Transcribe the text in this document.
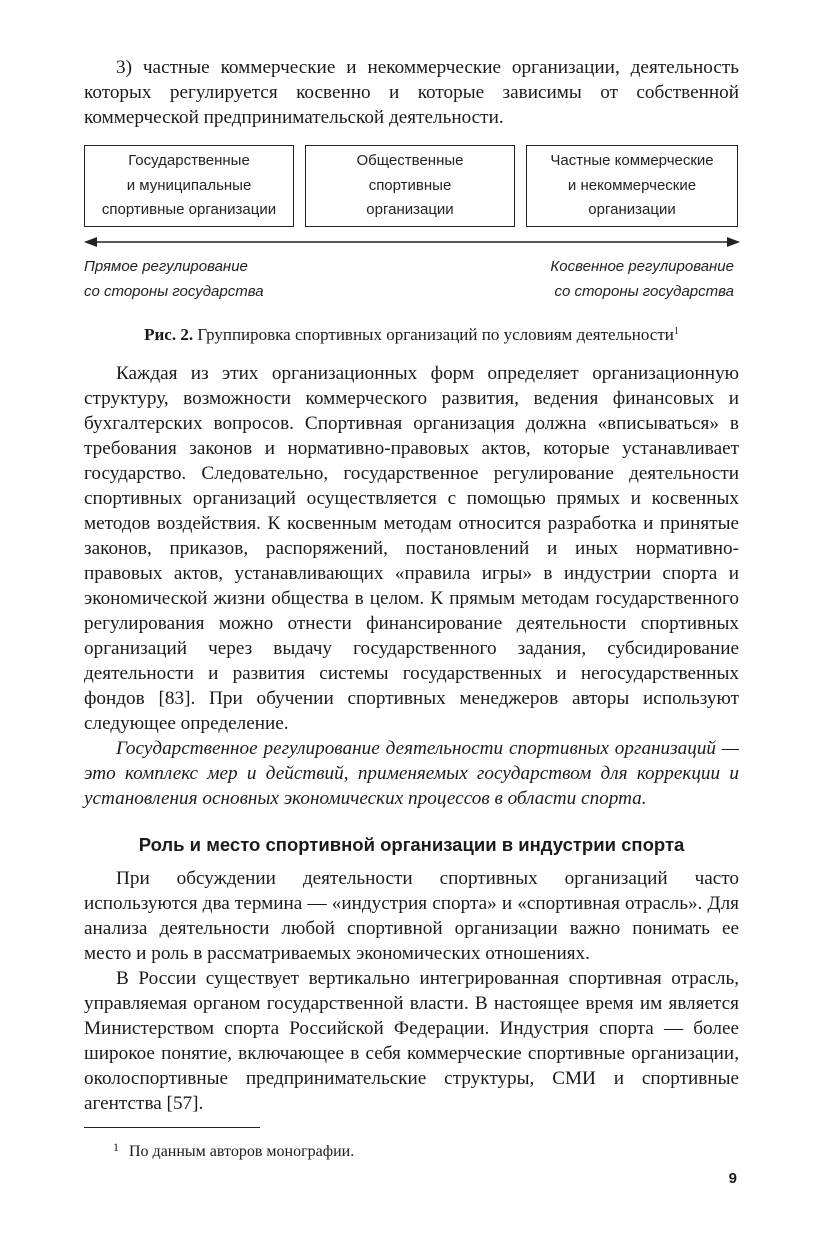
3) частные коммерческие и некоммерческие организации, деятельность которых регулируется косвенно и которые зависимы от собственной коммерческой предпринимательской деятельности.

Государственные
и муниципальные
спортивные организации
Общественные
спортивные
организации
Частные коммерческие
и некоммерческие
организации
Прямое регулирование
со стороны государства
Косвенное регулирование
со стороны государства
Рис. 2. Группировка спортивных организаций по условиям деятельности$^1$

Каждая из этих организационных форм определяет организационную структуру, возможности коммерческого развития, ведения финансовых и бухгалтерских вопросов. Спортивная организация должна «вписываться» в требования законов и нормативно-правовых актов, которые устанавливает государство. Следовательно, государственное регулирование деятельности спортивных организаций осуществляется с помощью прямых и косвенных методов воздействия. К косвенным методам относится разработка и принятые законов, приказов, распоряжений, постановлений и иных нормативно-правовых актов, устанавливающих «правила игры» в индустрии спорта и экономической жизни общества в целом. К прямым методам государственного регулирования можно отнести финансирование деятельности спортивных организаций через выдачу государственного задания, субсидирование деятельности и развития системы государственных и негосударственных фондов [83]. При обучении спортивных менеджеров авторы используют следующее определение.

Государственное регулирование деятельности спортивных организаций — это комплекс мер и действий, применяемых государством для коррекции и установления основных экономических процессов в области спорта.

Роль и место спортивной организации в индустрии спорта

При обсуждении деятельности спортивных организаций часто используются два термина — «индустрия спорта» и «спортивная отрасль». Для анализа деятельности любой спортивной организации важно понимать ее место и роль в рассматриваемых экономических отношениях.

В России существует вертикально интегрированная спортивная отрасль, управляемая органом государственной власти. В настоящее время им является Министерством спорта Российской Федерации. Индустрия спорта — более широкое понятие, включающее в себя коммерческие спортивные организации, околоспортивные предпринимательские структуры, СМИ и спортивные агентства [57].

$^1$ По данным авторов монографии.
9
